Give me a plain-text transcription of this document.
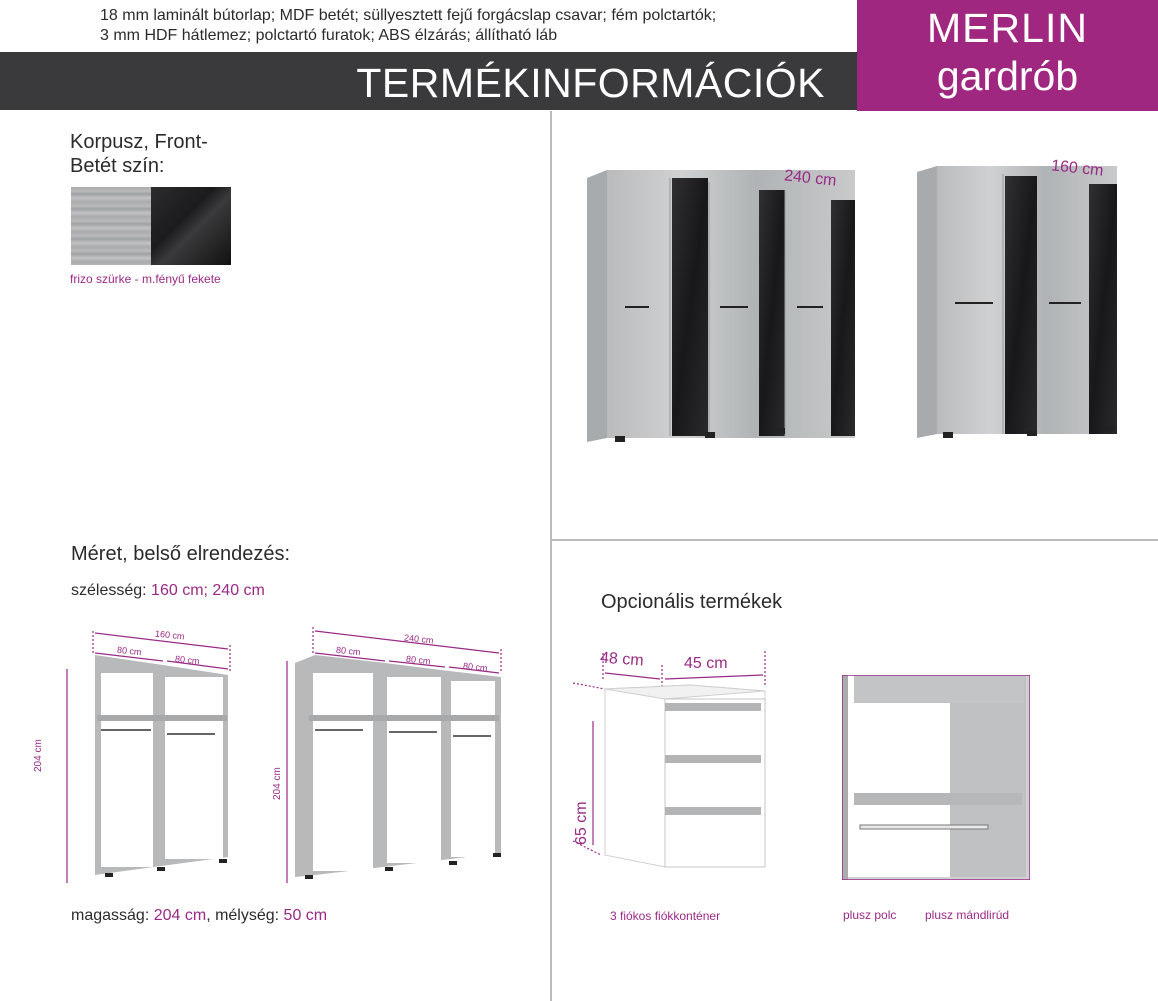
18 mm laminált bútorlap; MDF betét; süllyesztett fejű forgácslap csavar; fém polctartók;
3 mm HDF hátlemez; polctartó furatok; ABS élzárás; állítható láb
TERMÉKINFORMÁCIÓK
MERLIN
gardrób
Korpusz, Front-
Betét szín:
frizo szürke - m.fényű fekete
240 cm	160 cm
Méret, belső elrendezés:
szélesség: 160 cm; 240 cm
160 cm
80 cm
80 cm
204 cm
240 cm
80 cm
80 cm
80 cm
204 cm
magasság: 204 cm, mélység: 50 cm
Opcionális termékek
48 cm 45 cm
65 cm
3 fiókos fiókkonténer	plusz polc plusz mándlirúd
